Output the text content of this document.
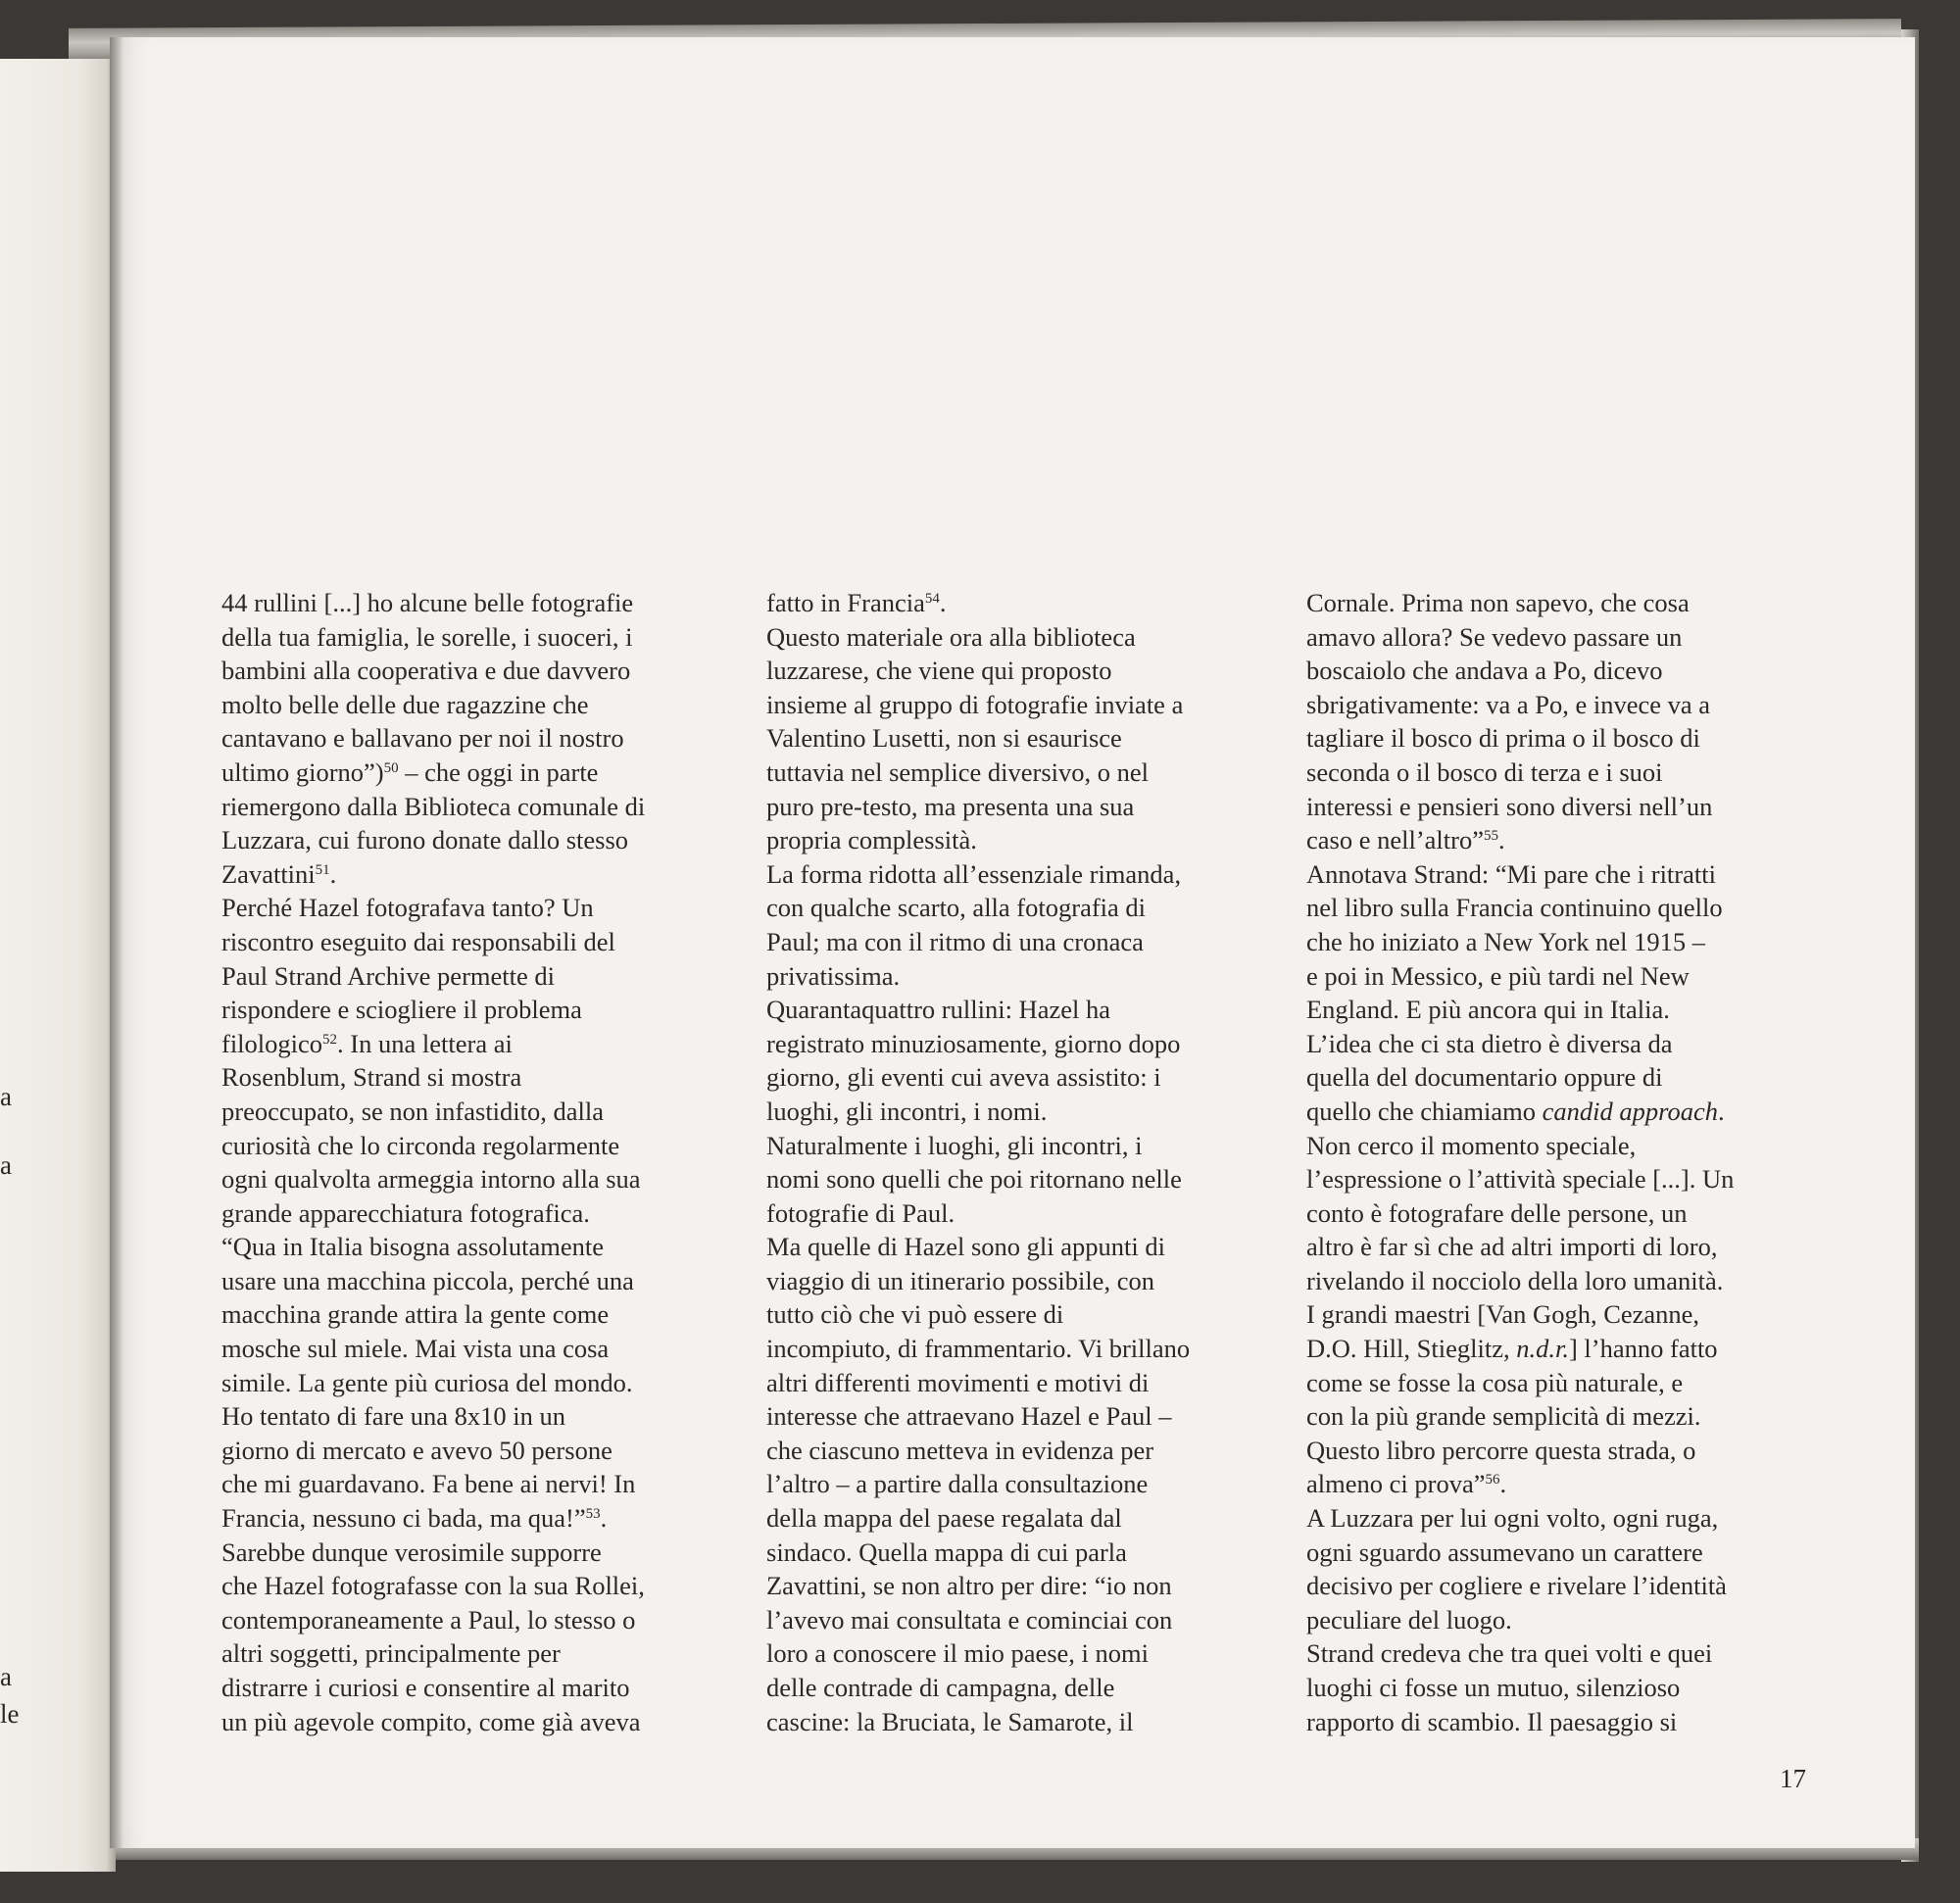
a
a
a
le

44 rullini [...] ho alcune belle fotografie

della tua famiglia, le sorelle, i suoceri, i

bambini alla cooperativa e due davvero

molto belle delle due ragazzine che

cantavano e ballavano per noi il nostro

ultimo giorno”)$^{50}$ – che oggi in parte

riemergono dalla Biblioteca comunale di

Luzzara, cui furono donate dallo stesso

Zavattini$^{51}$.

Perché Hazel fotografava tanto? Un

riscontro eseguito dai responsabili del

Paul Strand Archive permette di

rispondere e sciogliere il problema

filologico$^{52}$. In una lettera ai

Rosenblum, Strand si mostra

preoccupato, se non infastidito, dalla

curiosità che lo circonda regolarmente

ogni qualvolta armeggia intorno alla sua

grande apparecchiatura fotografica.

“Qua in Italia bisogna assolutamente

usare una macchina piccola, perché una

macchina grande attira la gente come

mosche sul miele. Mai vista una cosa

simile. La gente più curiosa del mondo.

Ho tentato di fare una 8x10 in un

giorno di mercato e avevo 50 persone

che mi guardavano. Fa bene ai nervi! In

Francia, nessuno ci bada, ma qua!”$^{53}$.

Sarebbe dunque verosimile supporre

che Hazel fotografasse con la sua Rollei,

contemporaneamente a Paul, lo stesso o

altri soggetti, principalmente per

distrarre i curiosi e consentire al marito

un più agevole compito, come già aveva

fatto in Francia$^{54}$.

Questo materiale ora alla biblioteca

luzzarese, che viene qui proposto

insieme al gruppo di fotografie inviate a

Valentino Lusetti, non si esaurisce

tuttavia nel semplice diversivo, o nel

puro pre-testo, ma presenta una sua

propria complessità.

La forma ridotta all’essenziale rimanda,

con qualche scarto, alla fotografia di

Paul; ma con il ritmo di una cronaca

privatissima.

Quarantaquattro rullini: Hazel ha

registrato minuziosamente, giorno dopo

giorno, gli eventi cui aveva assistito: i

luoghi, gli incontri, i nomi.

Naturalmente i luoghi, gli incontri, i

nomi sono quelli che poi ritornano nelle

fotografie di Paul.

Ma quelle di Hazel sono gli appunti di

viaggio di un itinerario possibile, con

tutto ciò che vi può essere di

incompiuto, di frammentario. Vi brillano

altri differenti movimenti e motivi di

interesse che attraevano Hazel e Paul –

che ciascuno metteva in evidenza per

l’altro – a partire dalla consultazione

della mappa del paese regalata dal

sindaco. Quella mappa di cui parla

Zavattini, se non altro per dire: “io non

l’avevo mai consultata e cominciai con

loro a conoscere il mio paese, i nomi

delle contrade di campagna, delle

cascine: la Bruciata, le Samarote, il

Cornale. Prima non sapevo, che cosa

amavo allora? Se vedevo passare un

boscaiolo che andava a Po, dicevo

sbrigativamente: va a Po, e invece va a

tagliare il bosco di prima o il bosco di

seconda o il bosco di terza e i suoi

interessi e pensieri sono diversi nell’un

caso e nell’altro”$^{55}$.

Annotava Strand: “Mi pare che i ritratti

nel libro sulla Francia continuino quello

che ho iniziato a New York nel 1915 –

e poi in Messico, e più tardi nel New

England. E più ancora qui in Italia.

L’idea che ci sta dietro è diversa da

quella del documentario oppure di

quello che chiamiamo candid approach.

Non cerco il momento speciale,

l’espressione o l’attività speciale [...]. Un

conto è fotografare delle persone, un

altro è far sì che ad altri importi di loro,

rivelando il nocciolo della loro umanità.

I grandi maestri [Van Gogh, Cezanne,

D.O. Hill, Stieglitz, n.d.r.] l’hanno fatto

come se fosse la cosa più naturale, e

con la più grande semplicità di mezzi.

Questo libro percorre questa strada, o

almeno ci prova”$^{56}$.

A Luzzara per lui ogni volto, ogni ruga,

ogni sguardo assumevano un carattere

decisivo per cogliere e rivelare l’identità

peculiare del luogo.

Strand credeva che tra quei volti e quei

luoghi ci fosse un mutuo, silenzioso

rapporto di scambio. Il paesaggio si

17
